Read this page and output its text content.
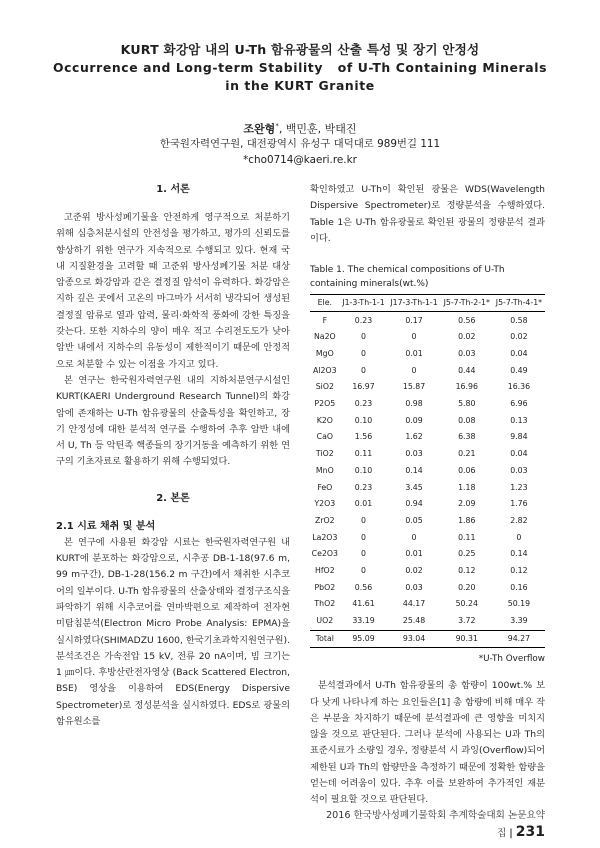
KURT 화강암 내의 U-Th 함유광물의 산출 특성 및 장기 안정성
Occurrence and Long-term Stability   of U-Th Containing Minerals
in the KURT Granite
조완형*, 백민훈, 박태진
한국원자력연구원, 대전광역시 유성구 대덕대로 989번길 111
*cho0714@kaeri.re.kr
1. 서론

고준위 방사성폐기물을 안전하게 영구적으로 처분하기 위해 심층처분시설의 안전성을 평가하고, 평가의 신뢰도를 향상하기 위한 연구가 지속적으로 수행되고 있다. 현재 국내 지질환경을 고려할 때 고준위 방사성폐기물 처분 대상 암종으로 화강암과 같은 결정질 암석이 유력하다. 화강암은 지하 깊은 곳에서 고온의 마그마가 서서히 냉각되어 생성된 결정질 암류로 열과 압력, 물리·화학적 풍화에 강한 특징을 갖는다. 또한 지하수의 양이 매우 적고 수리전도도가 낮아 암반 내에서 지하수의 유동성이 제한적이기 때문에 안정적으로 처분할 수 있는 이점을 가지고 있다.

본 연구는 한국원자력연구원 내의 지하처분연구시설인 KURT(KAERI Underground Research Tunnel)의 화강암에 존재하는 U-Th 함유광물의 산출특성을 확인하고, 장기 안정성에 대한 분석적 연구를 수행하여 추후 암반 내에서 U, Th 등 악틴족 핵종들의 장기거동을 예측하기 위한 연구의 기초자료로 활용하기 위해 수행되었다.

2. 본론
2.1 시료 채취 및 분석

본 연구에 사용된 화강암 시료는 한국원자력연구원 내 KURT에 분포하는 화강암으로, 시추공 DB-1-18(97.6 m, 99 m구간), DB-1-28(156.2 m 구간)에서 채취한 시추코어의 일부이다. U-Th 함유광물의 산출상태와 결정구조식을 파악하기 위해 시추코어를 연마박편으로 제작하여 전자현미탐침분석(Electron Micro Probe Analysis: EPMA)을 실시하였다(SHIMADZU 1600, 한국기초과학지원연구원). 분석조건은 가속전압 15 kV, 전류 20 nA이며, 빔 크기는 1 ㎛이다. 후방산란전자영상 (Back Scattered Electron, BSE) 영상을 이용하여 EDS(Energy Dispersive Spectrometer)로 정성분석을 실시하였다. EDS로 광물의 함유원소를

확인하였고 U-Th이 확인된 광물은 WDS(Wavelength Dispersive Spectrometer)로 정량분석을 수행하였다. Table 1은 U-Th 함유광물로 확인된 광물의 정량분석 결과이다.

Table 1. The chemical compositions of U-Th containing minerals(wt.%)
Ele.	J1-3-Th-1-1	J17-3-Th-1-1	J5-7-Th-2-1*	J5-7-Th-4-1*
F	0.23	0.17	0.56	0.58
Na2O	0	0	0.02	0.02
MgO	0	0.01	0.03	0.04
Al2O3	0	0	0.44	0.49
SiO2	16.97	15.87	16.96	16.36
P2O5	0.23	0.98	5.80	6.96
K2O	0.10	0.09	0.08	0.13
CaO	1.56	1.62	6.38	9.84
TiO2	0.11	0.03	0.21	0.04
MnO	0.10	0.14	0.06	0.03
FeO	0.23	3.45	1.18	1.23
Y2O3	0.01	0.94	2.09	1.76
ZrO2	0	0.05	1.86	2.82
La2O3	0	0	0.11	0
Ce2O3	0	0.01	0.25	0.14
HfO2	0	0.02	0.12	0.12
PbO2	0.56	0.03	0.20	0.16
ThO2	41.61	44.17	50.24	50.19
UO2	33.19	25.48	3.72	3.39
Total	95.09	93.04	90.31	94.27
*U-Th Overflow

분석결과에서 U-Th 함유광물의 총 함량이 100wt.% 보다 낮게 나타나게 하는 요인들은[1] 총 함량에 비해 매우 작은 부분을 차지하기 때문에 분석결과에 큰 영향을 미치지 않을 것으로 판단된다. 그러나 분석에 사용되는 U과 Th의 표준시료가 소량일 경우, 정량분석 시 과잉(Overflow)되어 제한된 U과 Th의 함량만을 측정하기 때문에 정확한 함량을 얻는데 어려움이 있다. 추후 이를 보완하여 추가적인 재분석이 필요할 것으로 판단된다.

2016 한국방사성폐기물학회 추계학술대회 논문요약집 | 231
